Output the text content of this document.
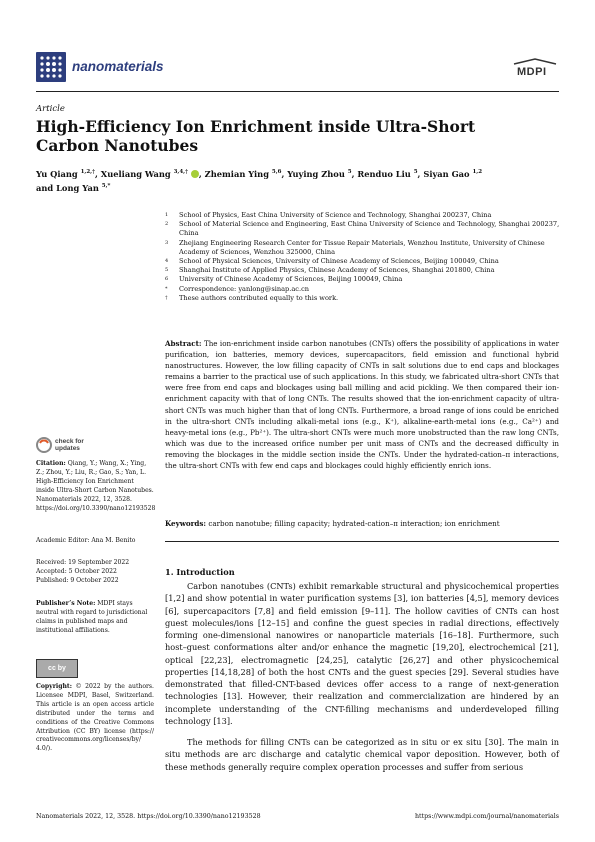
nanomaterials	MDPI
Article
High-Efficiency Ion Enrichment inside Ultra-Short Carbon Nanotubes
Yu Qiang $^{1,2,\dagger}$, Xueliang Wang $^{3,4,\dagger}$ , Zhemian Ying $^{5,6}$, Yuying Zhou $^5$, Renduo Liu $^5$, Siyan Gao $^{1,2}$
and Long Yan $^{5,*}$
1	School of Physics, East China University of Science and Technology, Shanghai 200237, China
2	School of Material Science and Engineering, East China University of Science and Technology, Shanghai 200237, China
3	Zhejiang Engineering Research Center for Tissue Repair Materials, Wenzhou Institute, University of Chinese Academy of Sciences, Wenzhou 325000, China
4	School of Physical Sciences, University of Chinese Academy of Sciences, Beijing 100049, China
5	Shanghai Institute of Applied Physics, Chinese Academy of Sciences, Shanghai 201800, China
6	University of Chinese Academy of Sciences, Beijing 100049, China
*	Correspondence: yanlong@sinap.ac.cn
†	These authors contributed equally to this work.
Abstract: The ion-enrichment inside carbon nanotubes (CNTs) offers the possibility of applications in water purification, ion batteries, memory devices, supercapacitors, field emission and functional hybrid nanostructures. However, the low filling capacity of CNTs in salt solutions due to end caps and blockages remains a barrier to the practical use of such applications. In this study, we fabricated ultra-short CNTs that were free from end caps and blockages using ball milling and acid pickling. We then compared their ion-enrichment capacity with that of long CNTs. The results showed that the ion-enrichment capacity of ultra-short CNTs was much higher than that of long CNTs. Furthermore, a broad range of ions could be enriched in the ultra-short CNTs including alkali-metal ions (e.g., K⁺), alkaline-earth-metal ions (e.g., Ca²⁺) and heavy-metal ions (e.g., Pb²⁺). The ultra-short CNTs were much more unobstructed than the raw long CNTs, which was due to the increased orifice number per unit mass of CNTs and the decreased difficulty in removing the blockages in the middle section inside the CNTs. Under the hydrated-cation–π interactions, the ultra-short CNTs with few end caps and blockages could highly efficiently enrich ions.
Keywords: carbon nanotube; filling capacity; hydrated-cation–π interaction; ion enrichment
check for updates
Citation: Qiang, Y.; Wang, X.; Ying, Z.; Zhou, Y.; Liu, R.; Gao, S.; Yan, L. High-Efficiency Ion Enrichment inside Ultra-Short Carbon Nanotubes. Nanomaterials 2022, 12, 3528. https://doi.org/10.3390/nano12193528
Academic Editor: Ana M. Benito
Received: 19 September 2022
Accepted: 5 October 2022
Published: 9 October 2022
Publisher’s Note: MDPI stays neutral with regard to jurisdictional claims in published maps and institutional affiliations.
cc by
Copyright: © 2022 by the authors. Licensee MDPI, Basel, Switzerland. This article is an open access article distributed under the terms and conditions of the Creative Commons Attribution (CC BY) license (https:// creativecommons.org/licenses/by/ 4.0/).
1. Introduction
Carbon nanotubes (CNTs) exhibit remarkable structural and physicochemical properties [1,2] and show potential in water purification systems [3], ion batteries [4,5], memory devices [6], supercapacitors [7,8] and field emission [9–11]. The hollow cavities of CNTs can host guest molecules/ions [12–15] and confine the guest species in radial directions, effectively forming one-dimensional nanowires or nanoparticle materials [16–18]. Furthermore, such host–guest conformations alter and/or enhance the magnetic [19,20], electrochemical [21], optical [22,23], electromagnetic [24,25], catalytic [26,27] and other physicochemical properties [14,18,28] of both the host CNTs and the guest species [29]. Several studies have demonstrated that filled-CNT-based devices offer access to a range of next-generation technologies [13]. However, their realization and commercialization are hindered by an incomplete understanding of the CNT-filling mechanisms and underdeveloped filling technology [13].
The methods for filling CNTs can be categorized as in situ or ex situ [30]. The main in situ methods are arc discharge and catalytic chemical vapor deposition. However, both of these methods generally require complex operation processes and suffer from serious
Nanomaterials 2022, 12, 3528. https://doi.org/10.3390/nano12193528	https://www.mdpi.com/journal/nanomaterials
